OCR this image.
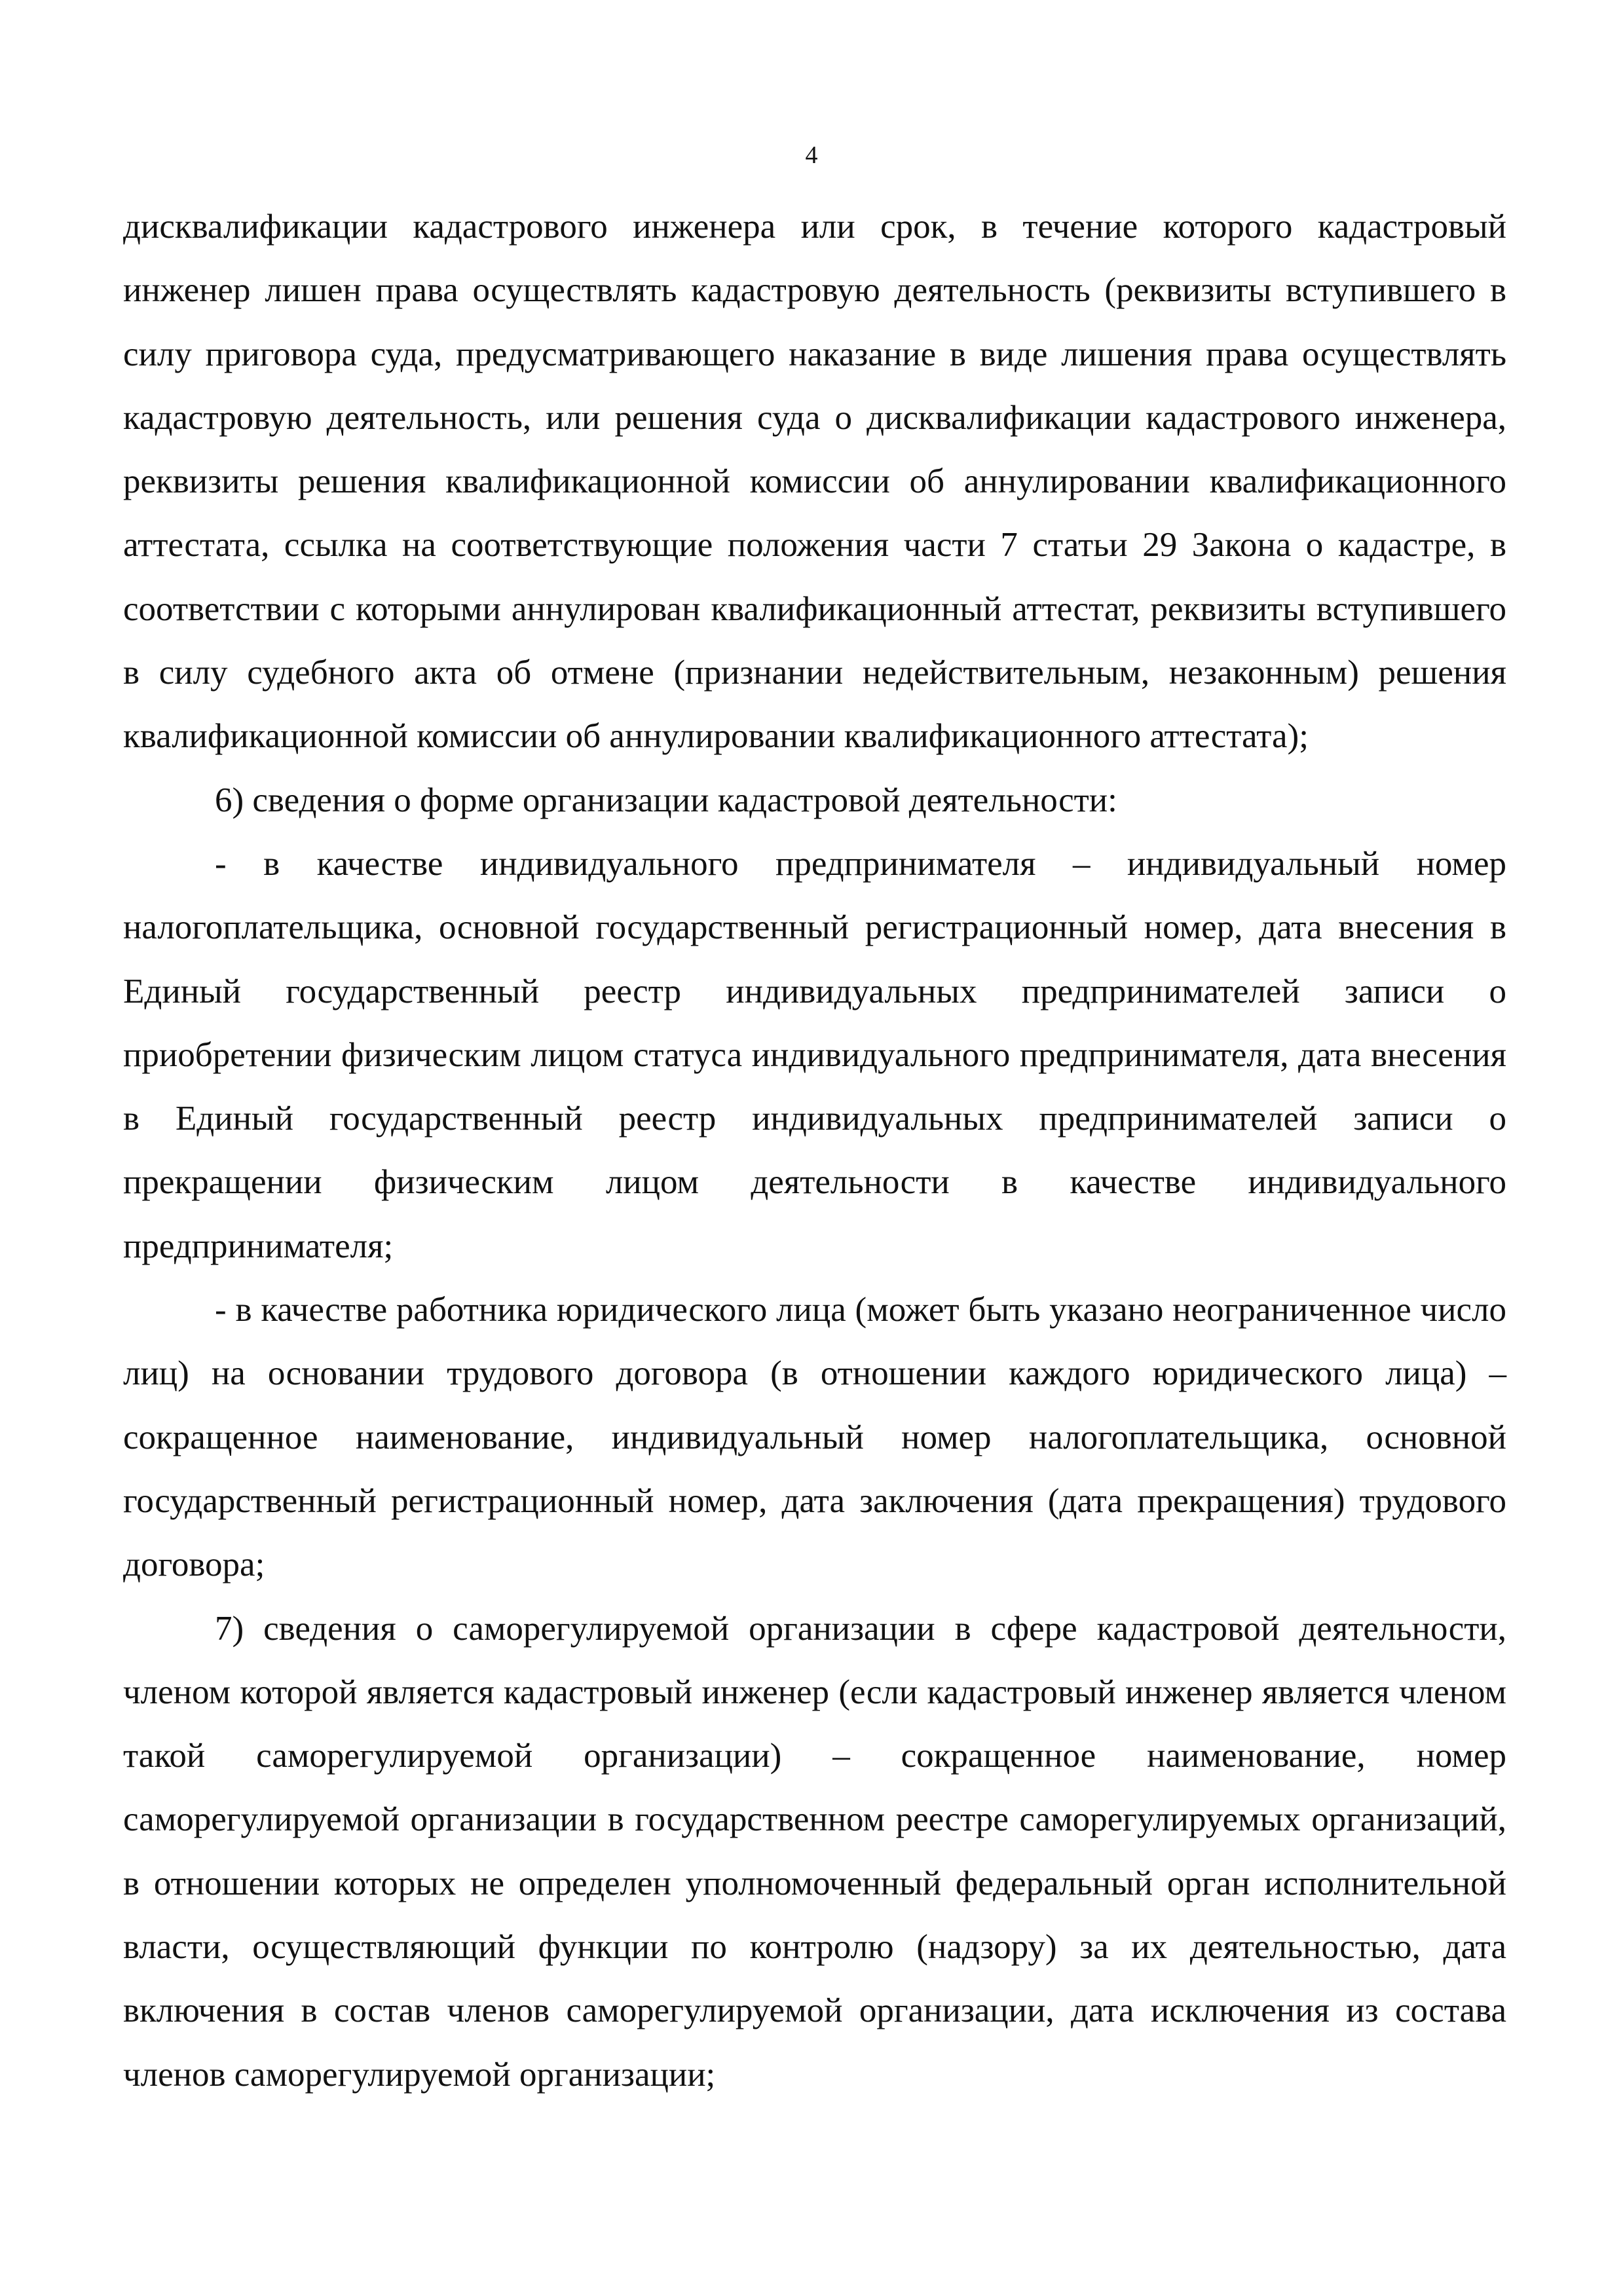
4

дисквалификации кадастрового инженера или срок, в течение которого кадастровый инженер лишен права осуществлять кадастровую деятельность (реквизиты вступившего в силу приговора суда, предусматривающего наказание в виде лишения права осуществлять кадастровую деятельность, или решения суда о дисквалификации кадастрового инженера, реквизиты решения квалификационной комиссии об аннулировании квалификационного аттестата, ссылка на соответствующие положения части 7 статьи 29 Закона о кадастре, в соответствии с которыми аннулирован квалификационный аттестат, реквизиты вступившего в силу судебного акта об отмене (признании недействительным, незаконным) решения квалификационной комиссии об аннулировании квалификационного аттестата);

6) сведения о форме организации кадастровой деятельности:

- в качестве индивидуального предпринимателя – индивидуальный номер налогоплательщика, основной государственный регистрационный номер, дата внесения в Единый государственный реестр индивидуальных предпринимателей записи о приобретении физическим лицом статуса индивидуального предпринимателя, дата внесения в Единый государственный реестр индивидуальных предпринимателей записи о прекращении физическим лицом деятельности в качестве индивидуального предпринимателя;

- в качестве работника юридического лица (может быть указано неограниченное число лиц) на основании трудового договора (в отношении каждого юридического лица) – сокращенное наименование, индивидуальный номер налогоплательщика, основной государственный регистрационный номер, дата заключения (дата прекращения) трудового договора;

7) сведения о саморегулируемой организации в сфере кадастровой деятельности, членом которой является кадастровый инженер (если кадастровый инженер является членом такой саморегулируемой организации) – сокращенное наименование, номер саморегулируемой организации в государственном реестре саморегулируемых организаций, в отношении которых не определен уполномоченный федеральный орган исполнительной власти, осуществляющий функции по контролю (надзору) за их деятельностью, дата включения в состав членов саморегулируемой организации, дата исключения из состава членов саморегулируемой организации;
